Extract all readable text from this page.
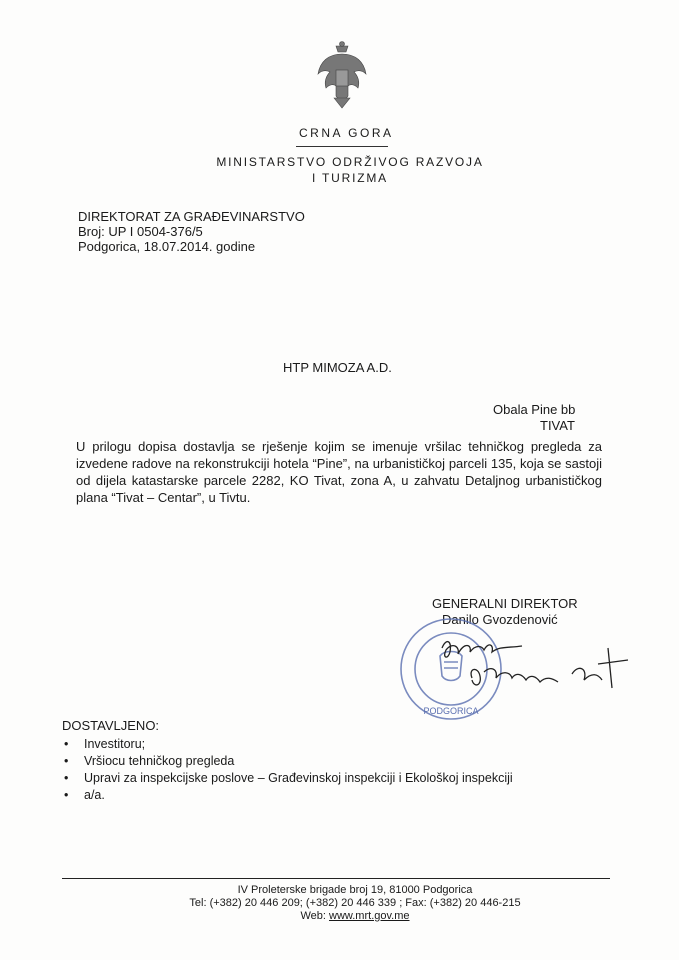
CRNA GORA
MINISTARSTVO ODRŽIVOG RAZVOJA
I TURIZMA
DIREKTORAT ZA GRAĐEVINARSTVO
Broj: UP I 0504-376/5
Podgorica, 18.07.2014. godine
HTP MIMOZA A.D.
Obala Pine bb
TIVAT
U prilogu dopisa dostavlja se rješenje kojim se imenuje vršilac tehničkog pregleda za izvedene radove na rekonstrukciji hotela “Pine”, na urbanističkoj parceli 135, koja se sastoji od dijela katastarske parcele 2282, KO Tivat, zona A, u zahvatu Detaljnog urbanističkog plana “Tivat – Centar”, u Tivtu.
GENERALNI DIREKTOR
Danilo Gvozdenović
PODGORICA
DOSTAVLJENO:
• Investitoru;
• Vršiocu tehničkog pregleda
• Upravi za inspekcijske poslove – Građevinskoj inspekciji i Ekološkoj inspekciji
• a/a.
IV Proleterske brigade broj 19, 81000 Podgorica
Tel: (+382) 20 446 209; (+382) 20 446 339 ; Fax: (+382) 20 446-215
Web: www.mrt.gov.me
